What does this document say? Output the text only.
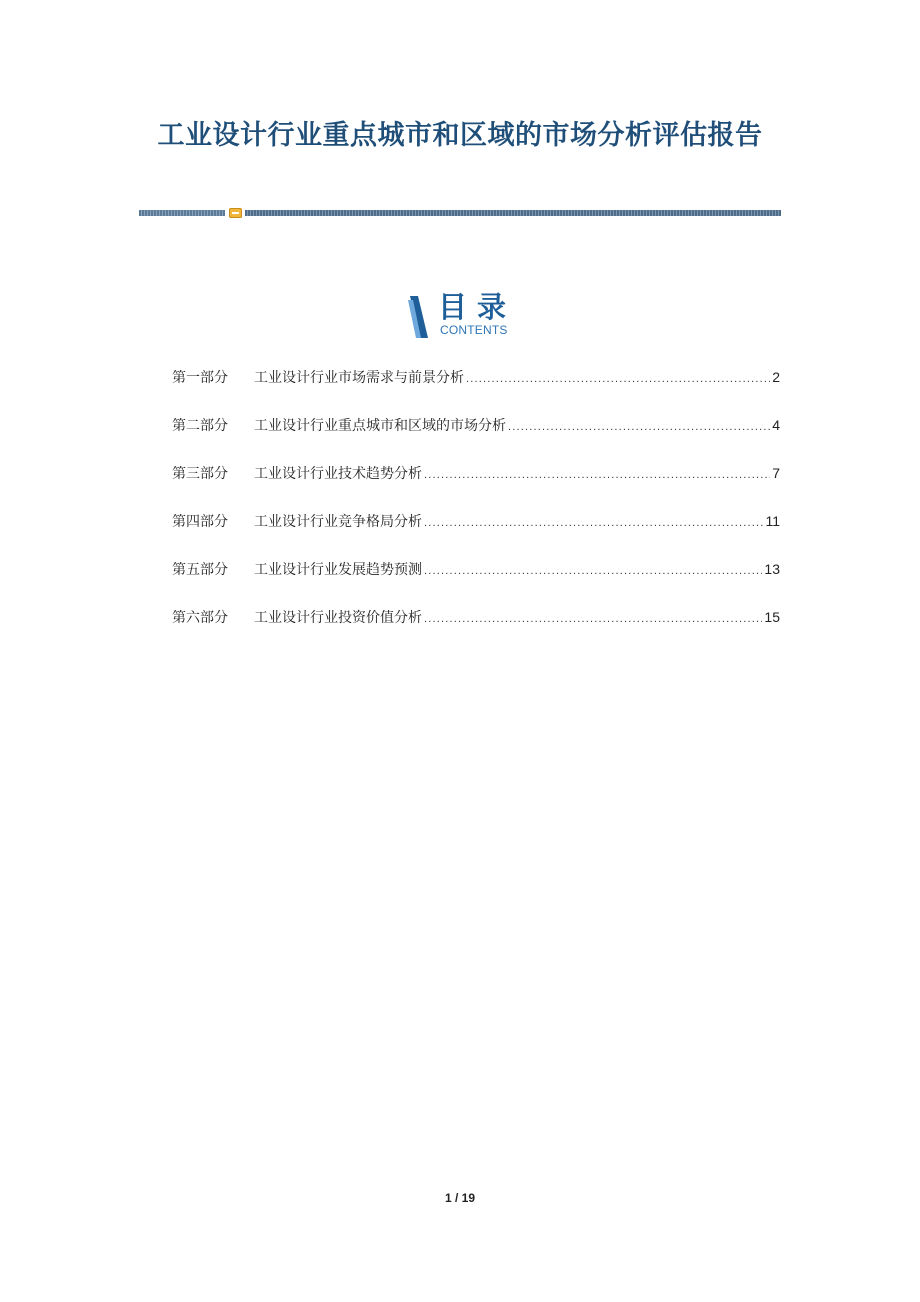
工业设计行业重点城市和区域的市场分析评估报告
目录
CONTENTS
第一部分	工业设计行业市场需求与前景分析 .....	2
第二部分	工业设计行业重点城市和区域的市场分析 .....	4
第三部分	工业设计行业技术趋势分析 .....	7
第四部分	工业设计行业竞争格局分析 .....	11
第五部分	工业设计行业发展趋势预测 .....	13
第六部分	工业设计行业投资价值分析 .....	15
1 / 19
